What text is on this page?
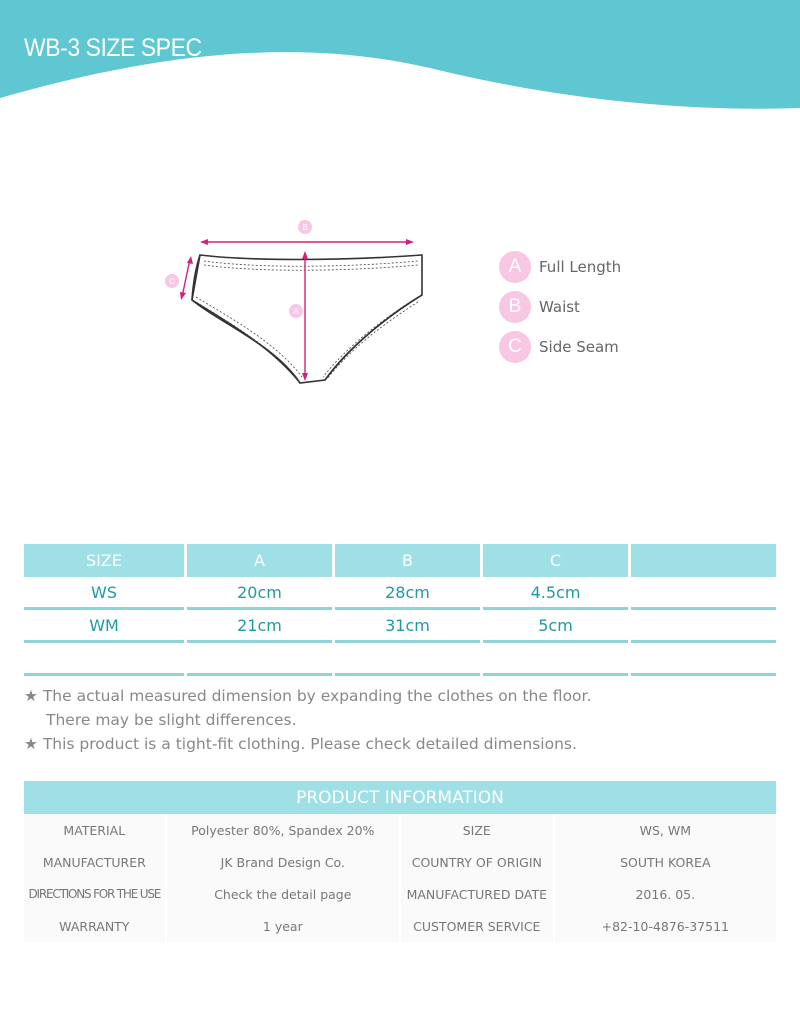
WB-3 SIZE SPEC
B
A
C
A	Full Length
B	Waist
C	Side Seam
SIZE	A	B	C
WS	20cm	28cm	4.5cm
WM	21cm	31cm	5cm
★ The actual measured dimension by expanding the clothes on the floor.
There may be slight differences.
★ This product is a tight-fit clothing. Please check detailed dimensions.
PRODUCT INFORMATION
MATERIAL	Polyester 80%, Spandex 20%	SIZE	WS, WM
MANUFACTURER	JK Brand Design Co.	COUNTRY OF ORIGIN	SOUTH KOREA
DIRECTIONS FOR THE USE	Check the detail page	MANUFACTURED DATE	2016. 05.
WARRANTY	1 year	CUSTOMER SERVICE	+82-10-4876-37511
